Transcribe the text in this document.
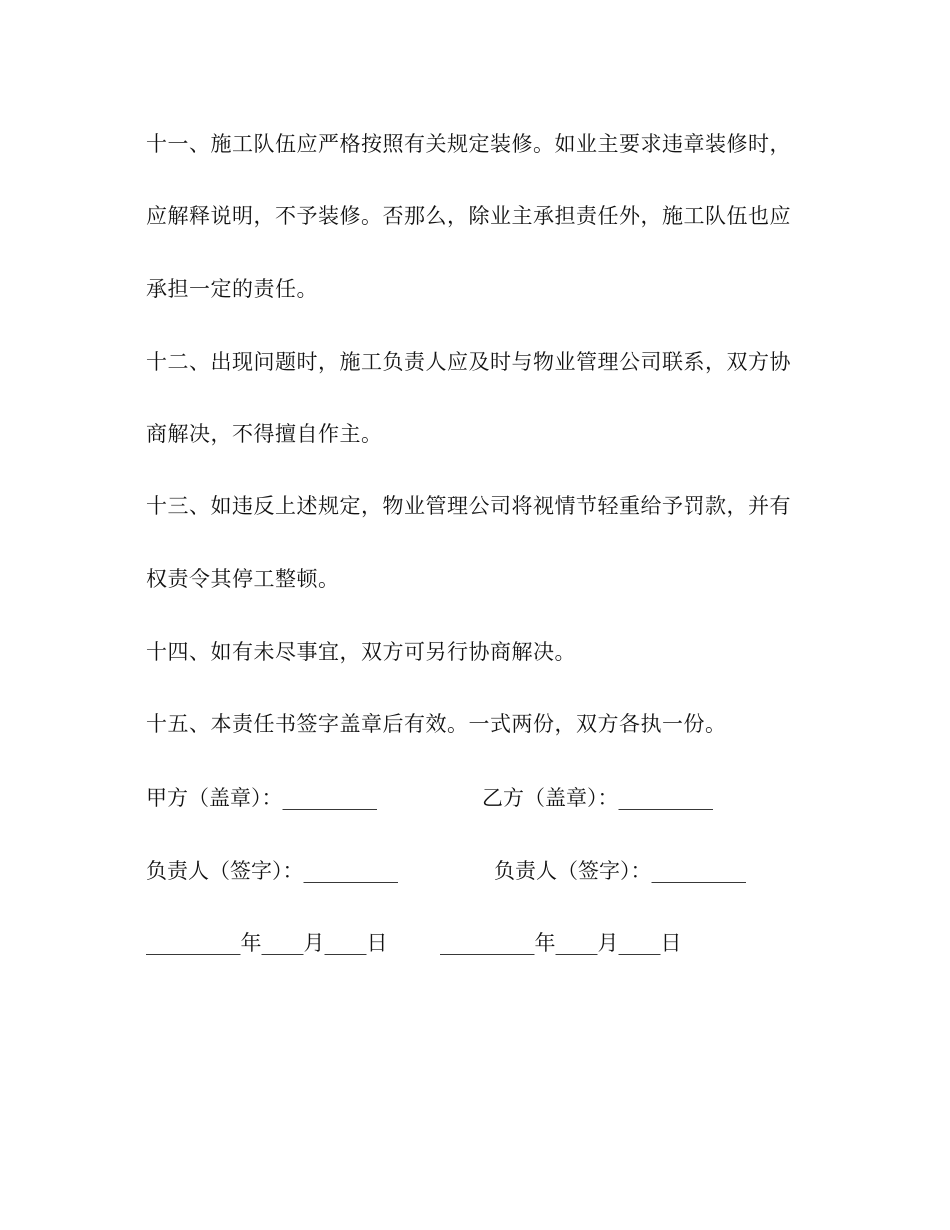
十一、施工队伍应严格按照有关规定装修。如业主要求违章装修时，
应解释说明，不予装修。否那么，除业主承担责任外，施工队伍也应
承担一定的责任。
十二、出现问题时，施工负责人应及时与物业管理公司联系，双方协
商解决，不得擅自作主。
十三、如违反上述规定，物业管理公司将视情节轻重给予罚款，并有
权责令其停工整顿。
十四、如有未尽事宜，双方可另行协商解决。
十五、本责任书签字盖章后有效。一式两份，双方各执一份。
甲方（盖章）：_________	乙方（盖章）：_________
负责人（签字）：_________	负责人（签字）：_________
_________年____月____日	_________年____月____日
